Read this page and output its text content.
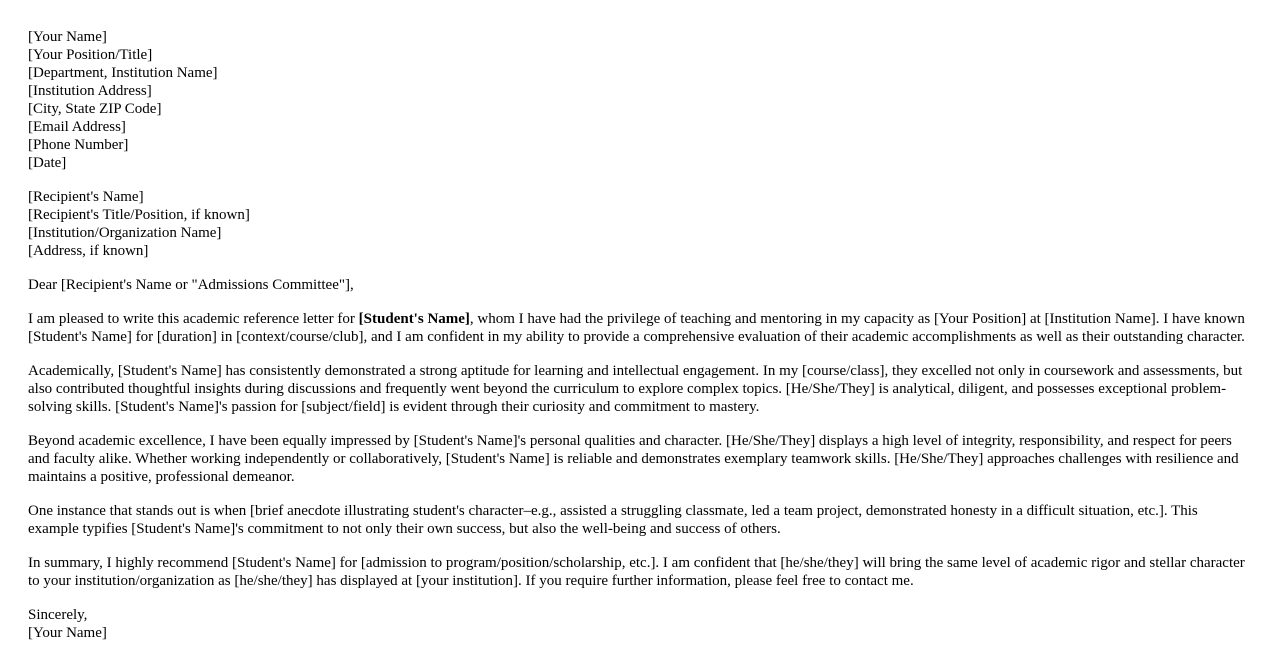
[Your Name]
[Your Position/Title]
[Department, Institution Name]
[Institution Address]
[City, State ZIP Code]
[Email Address]
[Phone Number]
[Date]
[Recipient's Name]
[Recipient's Title/Position, if known]
[Institution/Organization Name]
[Address, if known]

Dear [Recipient's Name or "Admissions Committee"],

I am pleased to write this academic reference letter for [Student's Name], whom I have had the privilege of teaching and mentoring in my capacity as [Your Position] at [Institution Name]. I have known [Student's Name] for [duration] in [context/course/club], and I am confident in my ability to provide a comprehensive evaluation of their academic accomplishments as well as their outstanding character.

Academically, [Student's Name] has consistently demonstrated a strong aptitude for learning and intellectual engagement. In my [course/class], they excelled not only in coursework and assessments, but also contributed thoughtful insights during discussions and frequently went beyond the curriculum to explore complex topics. [He/She/They] is analytical, diligent, and possesses exceptional problem-solving skills. [Student's Name]'s passion for [subject/field] is evident through their curiosity and commitment to mastery.

Beyond academic excellence, I have been equally impressed by [Student's Name]'s personal qualities and character. [He/She/They] displays a high level of integrity, responsibility, and respect for peers and faculty alike. Whether working independently or collaboratively, [Student's Name] is reliable and demonstrates exemplary teamwork skills. [He/She/They] approaches challenges with resilience and maintains a positive, professional demeanor.

One instance that stands out is when [brief anecdote illustrating student's character–e.g., assisted a struggling classmate, led a team project, demonstrated honesty in a difficult situation, etc.]. This example typifies [Student's Name]'s commitment to not only their own success, but also the well-being and success of others.

In summary, I highly recommend [Student's Name] for [admission to program/position/scholarship, etc.]. I am confident that [he/she/they] will bring the same level of academic rigor and stellar character to your institution/organization as [he/she/they] has displayed at [your institution]. If you require further information, please feel free to contact me.

Sincerely,
[Your Name]
